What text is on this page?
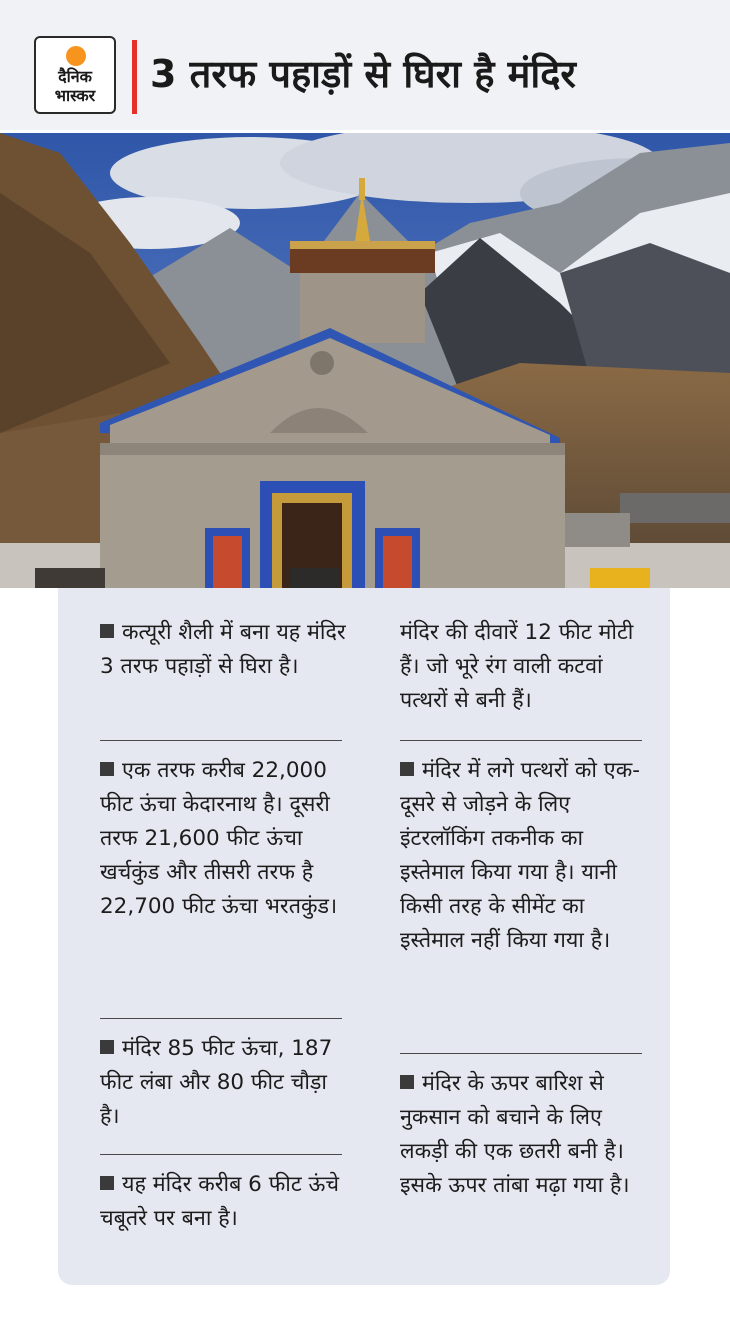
दैनिक
भास्कर	3 तरफ पहाड़ों से घिरा है मंदिर
कत्यूरी शैली में बना यह मंदिर 3 तरफ पहाड़ों से घिरा है।
एक तरफ करीब 22,000 फीट ऊंचा केदारनाथ है। दूसरी तरफ 21,600 फीट ऊंचा खर्चकुंड और तीसरी तरफ है 22,700 फीट ऊंचा भरतकुंड।
मंदिर 85 फीट ऊंचा, 187 फीट लंबा और 80 फीट चौड़ा है।
यह मंदिर करीब 6 फीट ऊंचे चबूतरे पर बना है।
मंदिर की दीवारें 12 फीट मोटी हैं। जो भूरे रंग वाली कटवां पत्थरों से बनी हैं।
मंदिर में लगे पत्थरों को एक-दूसरे से जोड़ने के लिए इंटरलॉकिंग तकनीक का इस्तेमाल किया गया है। यानी किसी तरह के सीमेंट का इस्तेमाल नहीं किया गया है।
मंदिर के ऊपर बारिश से नुकसान को बचाने के लिए लकड़ी की एक छतरी बनी है। इसके ऊपर तांबा मढ़ा गया है।
